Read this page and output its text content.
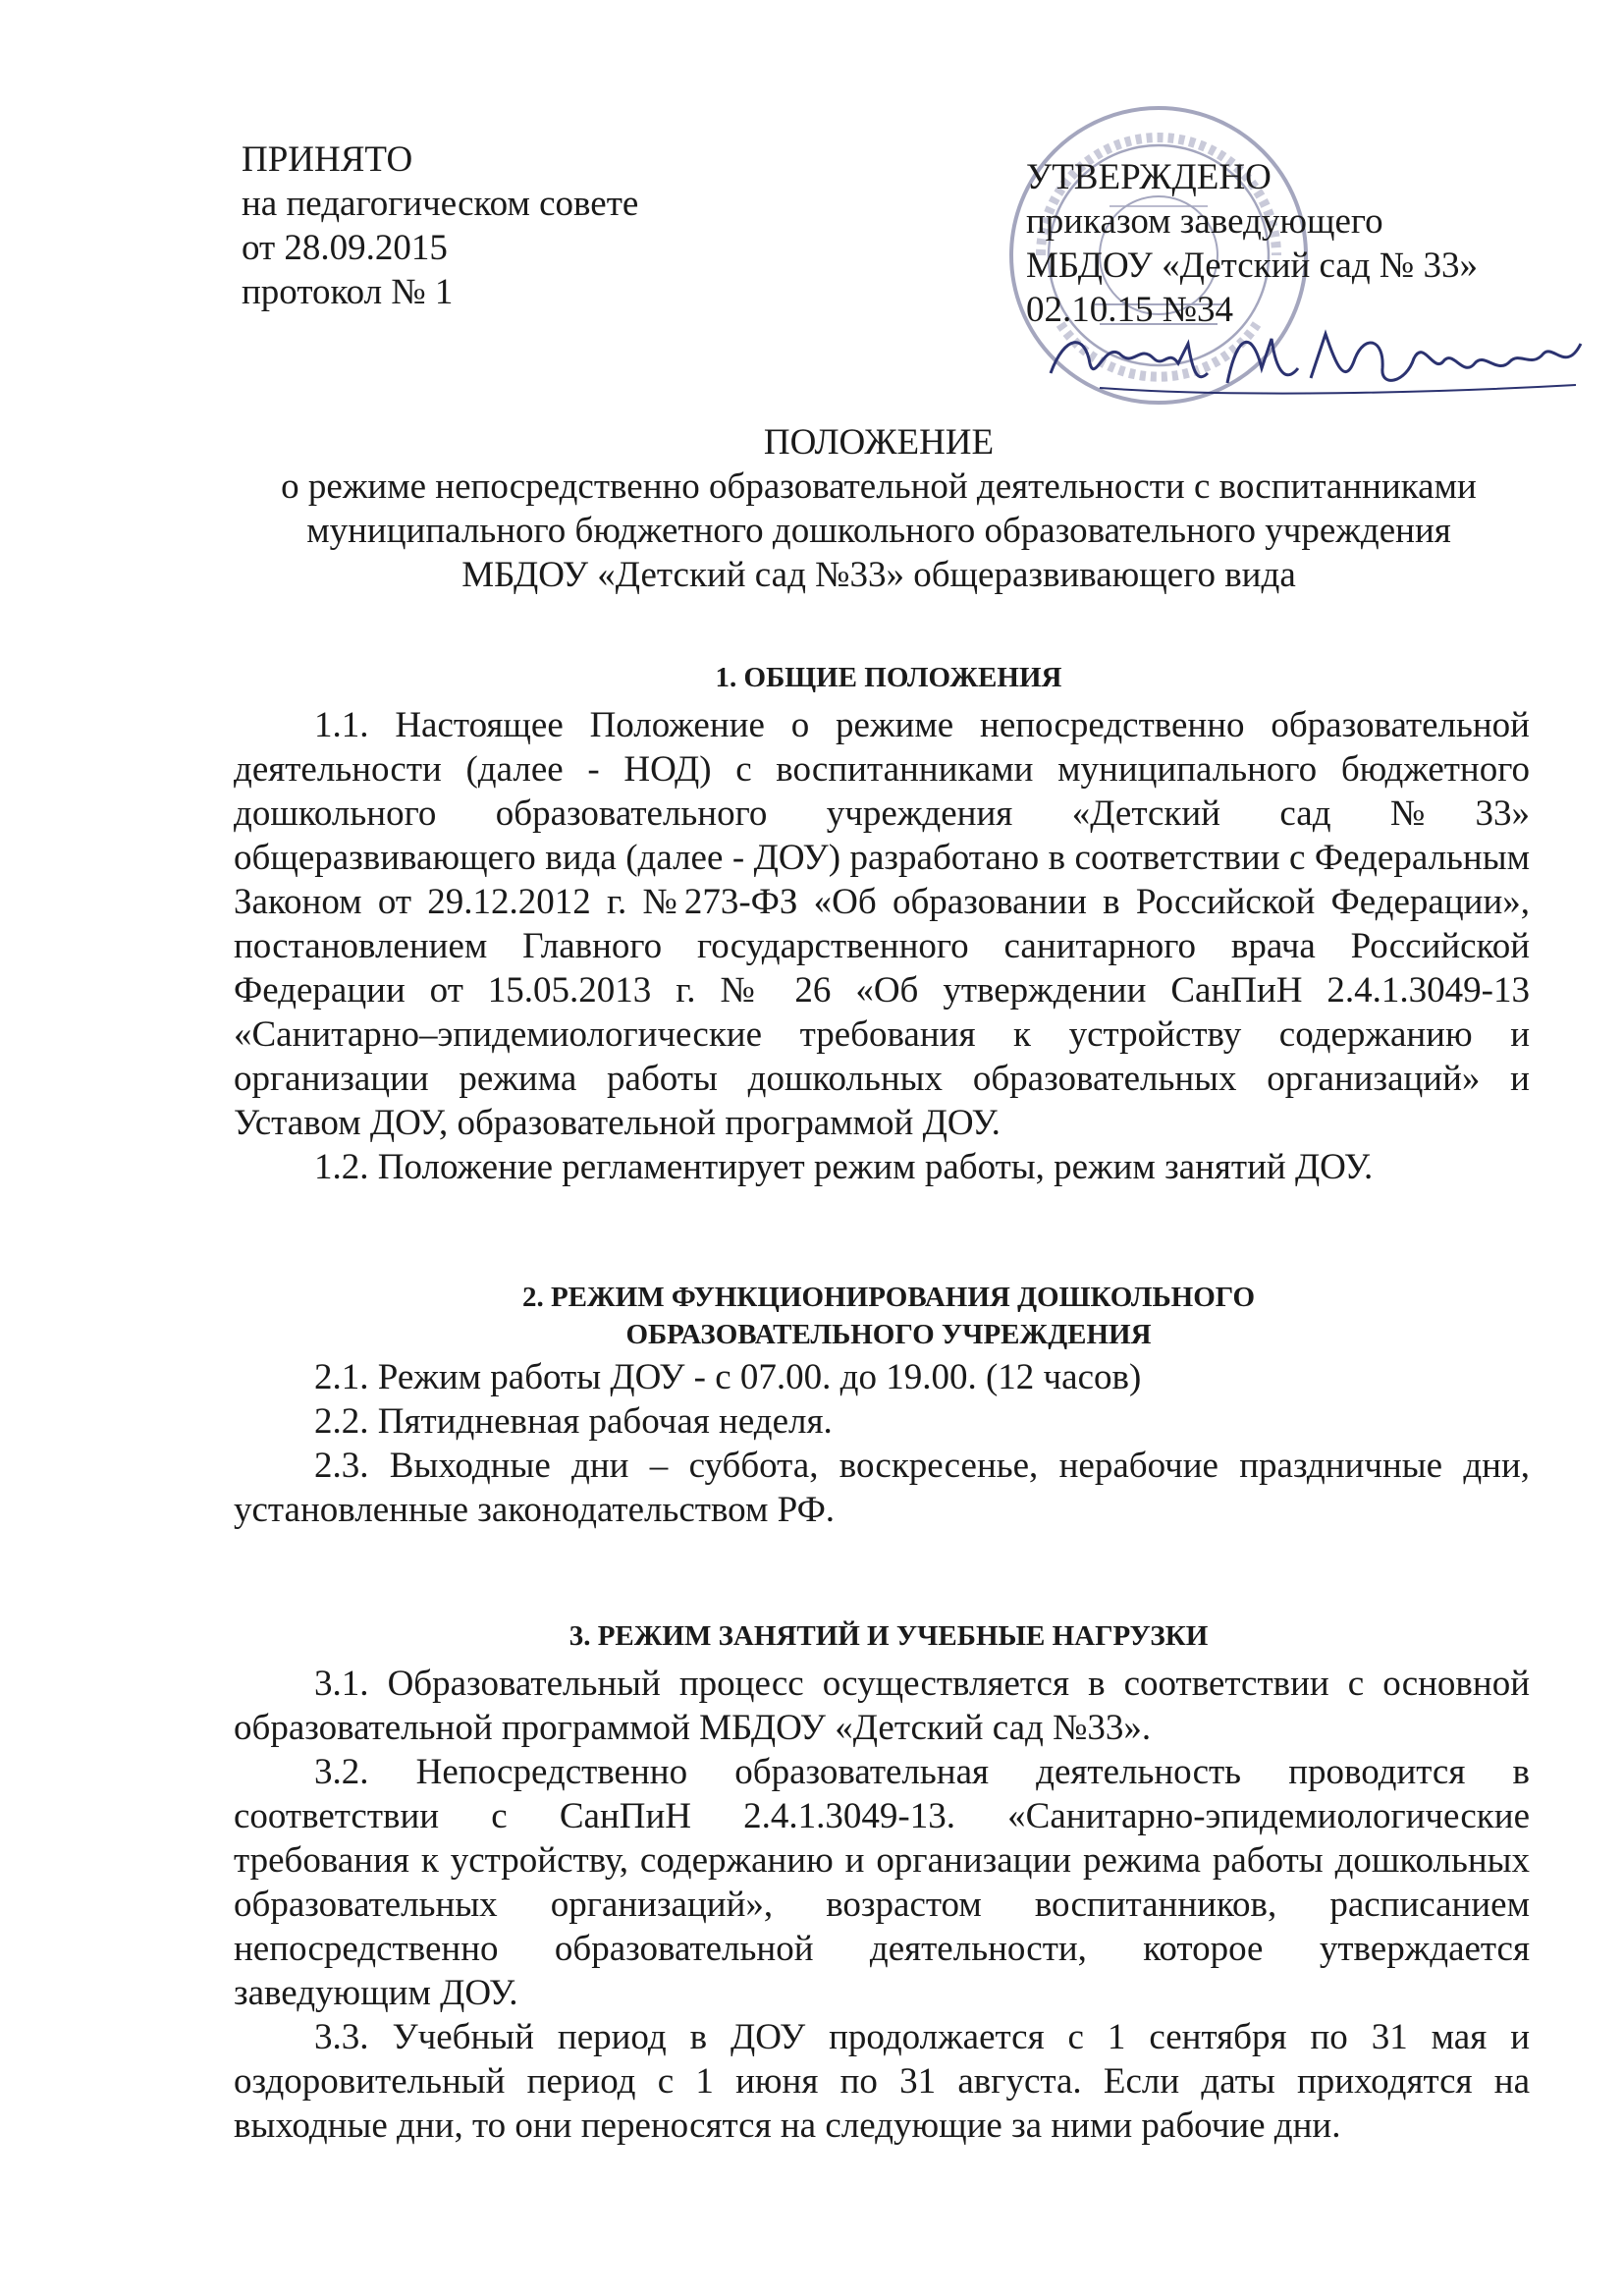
ПРИНЯТО
на педагогическом совете
от 28.09.2015
протокол № 1
УТВЕРЖДЕНО
приказом заведующего
МБДОУ «Детский сад № 33»
02.10.15 №34
ПОЛОЖЕНИЕ
о режиме непосредственно образовательной деятельности с воспитанниками
муниципального бюджетного дошкольного образовательного учреждения
МБДОУ «Детский сад №33» общеразвивающего вида
1. ОБЩИЕ ПОЛОЖЕНИЯ

1.1. Настоящее Положение о режиме непосредственно образовательной деятельности (далее - НОД) с воспитанниками муниципального бюджетного дошкольного образовательного учреждения «Детский сад №33» общеразвивающего вида (далее - ДОУ) разработано в соответствии с Федеральным Законом от 29.12.2012 г. №273-ФЗ «Об образовании в Российской Федерации», постановлением Главного государственного санитарного врача Российской Федерации от 15.05.2013 г. № 26 «Об утверждении СанПиН 2.4.1.3049-13 «Санитарно–эпидемиологические требования к устройству содержанию и организации режима работы дошкольных образовательных организаций» и Уставом ДОУ, образовательной программой ДОУ.

1.2. Положение регламентирует режим работы, режим занятий ДОУ.

2. РЕЖИМ ФУНКЦИОНИРОВАНИЯ ДОШКОЛЬНОГО
ОБРАЗОВАТЕЛЬНОГО УЧРЕЖДЕНИЯ

2.1. Режим работы ДОУ - с 07.00. до 19.00. (12 часов)

2.2. Пятидневная рабочая неделя.

2.3. Выходные дни – суббота, воскресенье, нерабочие праздничные дни, установленные законодательством РФ.

3. РЕЖИМ ЗАНЯТИЙ И УЧЕБНЫЕ НАГРУЗКИ

3.1. Образовательный процесс осуществляется в соответствии с основной образовательной программой МБДОУ «Детский сад №33».

3.2. Непосредственно образовательная деятельность проводится в соответствии с СанПиН 2.4.1.3049-13. «Санитарно-эпидемиологические требования к устройству, содержанию и организации режима работы дошкольных образовательных организаций», возрастом воспитанников, расписанием непосредственно образовательной деятельности, которое утверждается заведующим ДОУ.

3.3. Учебный период в ДОУ продолжается с 1 сентября по 31 мая и оздоровительный период с 1 июня по 31 августа. Если даты приходятся на выходные дни, то они переносятся на следующие за ними рабочие дни.
